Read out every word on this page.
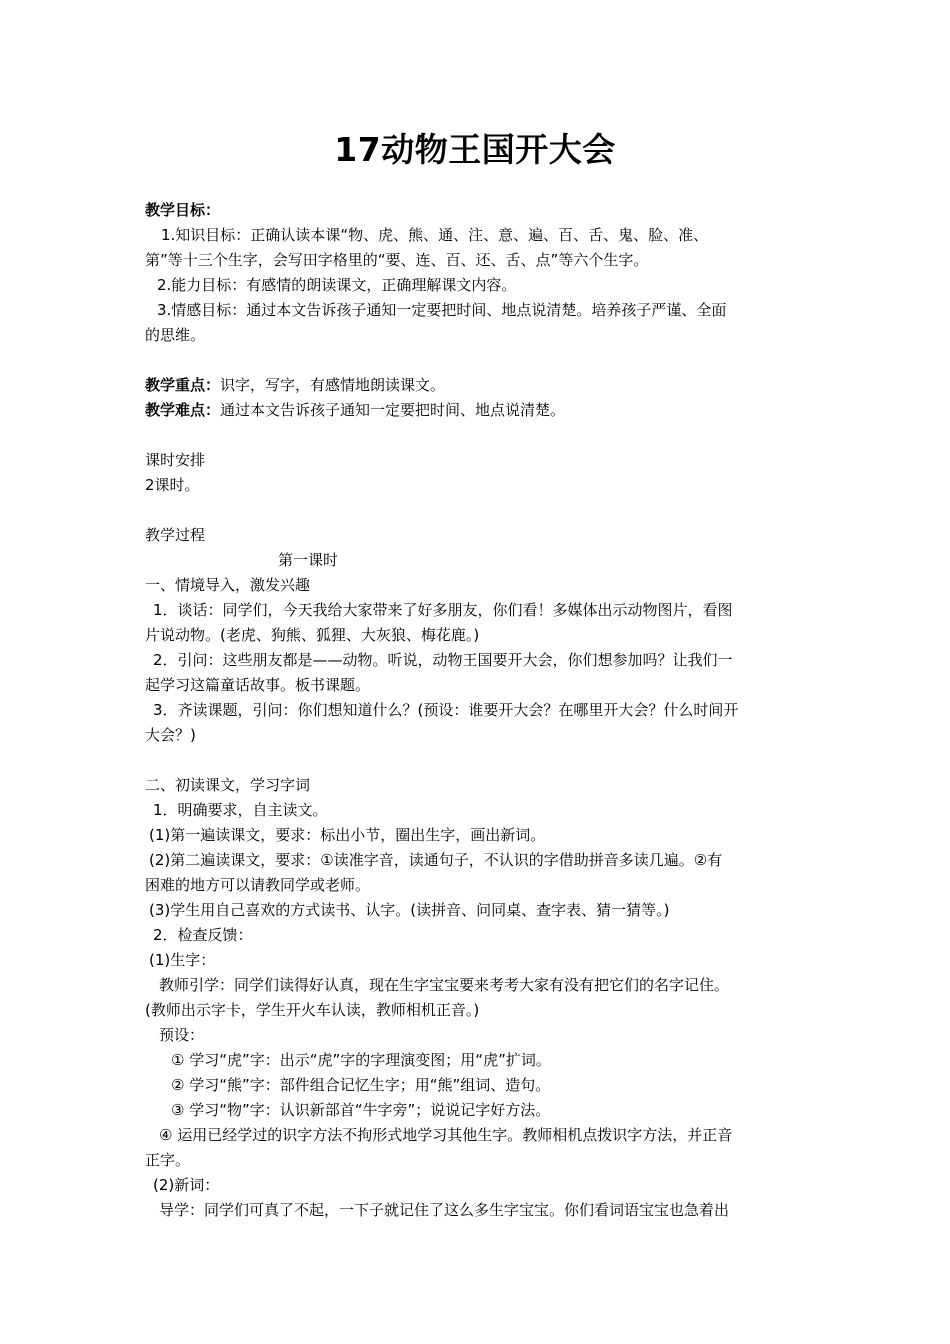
17动物王国开大会

教学目标：

1.知识目标：正确认读本课“物、虎、熊、通、注、意、遍、百、舌、鬼、脸、准、

第”等十三个生字，会写田字格里的“要、连、百、还、舌、点”等六个生字。

2.能力目标：有感情的朗读课文，正确理解课文内容。

3.情感目标：通过本文告诉孩子通知一定要把时间、地点说清楚。培养孩子严谨、全面

的思维。

教学重点：识字，写字，有感情地朗读课文。

教学难点：通过本文告诉孩子通知一定要把时间、地点说清楚。

课时安排

2课时。

教学过程

第一课时

一、情境导入，激发兴趣

1．谈话：同学们，今天我给大家带来了好多朋友，你们看！多媒体出示动物图片，看图

片说动物。(老虎、狗熊、狐狸、大灰狼、梅花鹿。)

2．引问：这些朋友都是——动物。听说，动物王国要开大会，你们想参加吗？让我们一

起学习这篇童话故事。板书课题。

3．齐读课题，引问：你们想知道什么？(预设：谁要开大会？在哪里开大会？什么时间开

大会？)

二、初读课文，学习字词

1．明确要求，自主读文。

(1)第一遍读课文，要求：标出小节，圈出生字，画出新词。

(2)第二遍读课文，要求：①读准字音，读通句子，不认识的字借助拼音多读几遍。②有

困难的地方可以请教同学或老师。

(3)学生用自己喜欢的方式读书、认字。(读拼音、问同桌、查字表、猜一猜等。)

2．检查反馈：

(1)生字：

教师引学：同学们读得好认真，现在生字宝宝要来考考大家有没有把它们的名字记住。

(教师出示字卡，学生开火车认读，教师相机正音。)

预设：

① 学习“虎”字：出示“虎”字的字理演变图；用“虎”扩词。

② 学习“熊”字：部件组合记忆生字；用“熊”组词、造句。

③ 学习“物”字：认识新部首“牛字旁”；说说记字好方法。

④ 运用已经学过的识字方法不拘形式地学习其他生字。教师相机点拨识字方法，并正音

正字。

(2)新词：

导学：同学们可真了不起，一下子就记住了这么多生字宝宝。你们看词语宝宝也急着出
